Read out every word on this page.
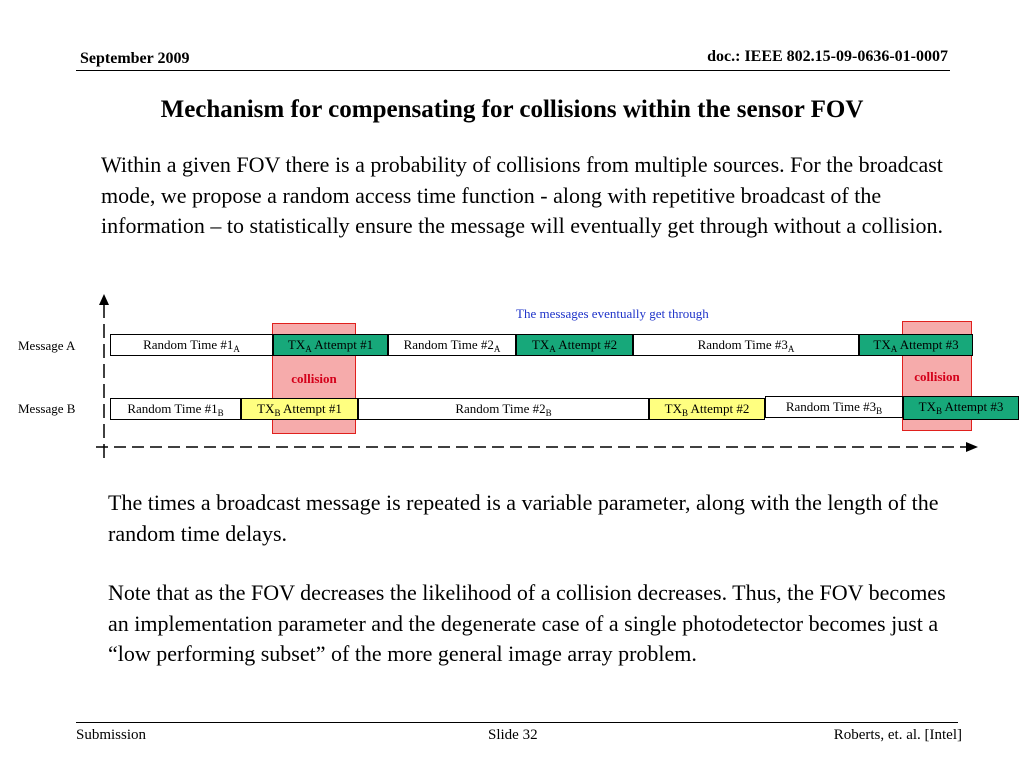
September 2009	doc.: IEEE 802.15-09-0636-01-0007
Mechanism for compensating for collisions within the sensor FOV
Within a given FOV there is a probability of collisions from multiple sources. For the broadcast mode, we propose a random access time function - along with repetitive broadcast of the information – to statistically ensure the message will eventually get through without a collision.
The messages eventually get through
Message A
Message B
Random Time $\#1_A$	$TX_A$ Attempt #1	Random Time $\#2_A$	$TX_A$ Attempt #2	Random Time $\#3_A$	$TX_A$ Attempt #3
Random Time $\#1_B$	$TX_B$ Attempt #1	Random Time $\#2_B$	$TX_B$ Attempt #2	Random Time $\#3_B$	$TX_B$ Attempt #3
collision	collision
The times a broadcast message is repeated is a variable parameter, along with the length of the random time delays.
Note that as the FOV decreases the likelihood of a collision decreases. Thus, the FOV becomes an implementation parameter and the degenerate case of a single photodetector becomes just a “low performing subset” of the more general image array problem.
Submission	Slide 32	Roberts, et. al. [Intel]
